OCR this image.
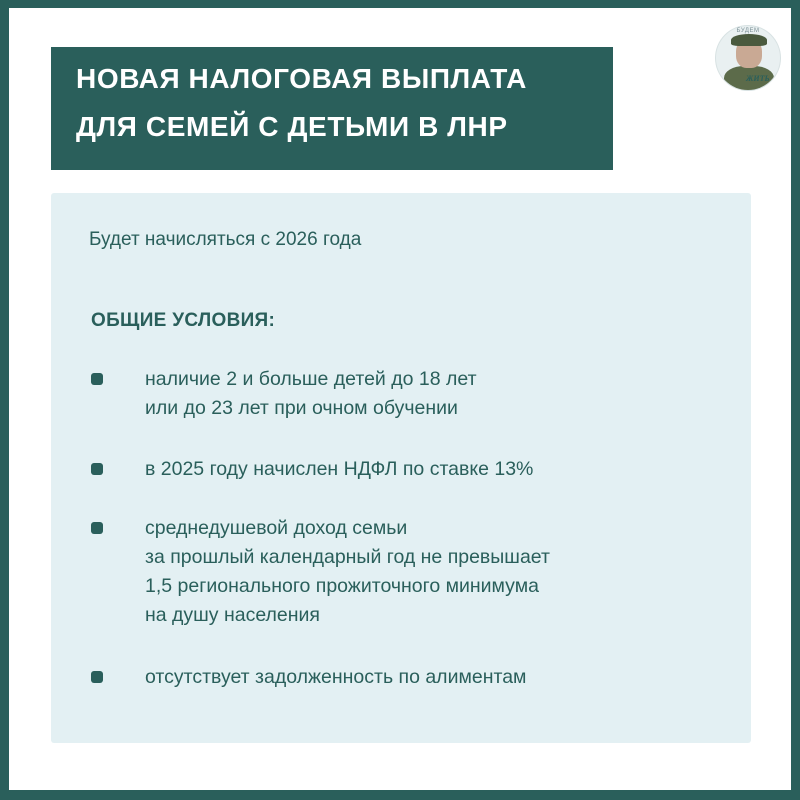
НОВАЯ НАЛОГОВАЯ ВЫПЛАТА
ДЛЯ СЕМЕЙ С ДЕТЬМИ В ЛНР
БУДЕМ
ЖИТЬ
Будет начисляться с 2026 года
ОБЩИЕ УСЛОВИЯ:
наличие 2 и больше детей до 18 лет
или до 23 лет при очном обучении
в 2025 году начислен НДФЛ по ставке 13%
среднедушевой доход семьи
за прошлый календарный год не превышает
1,5 регионального прожиточного минимума
на душу населения
отсутствует задолженность по алиментам
